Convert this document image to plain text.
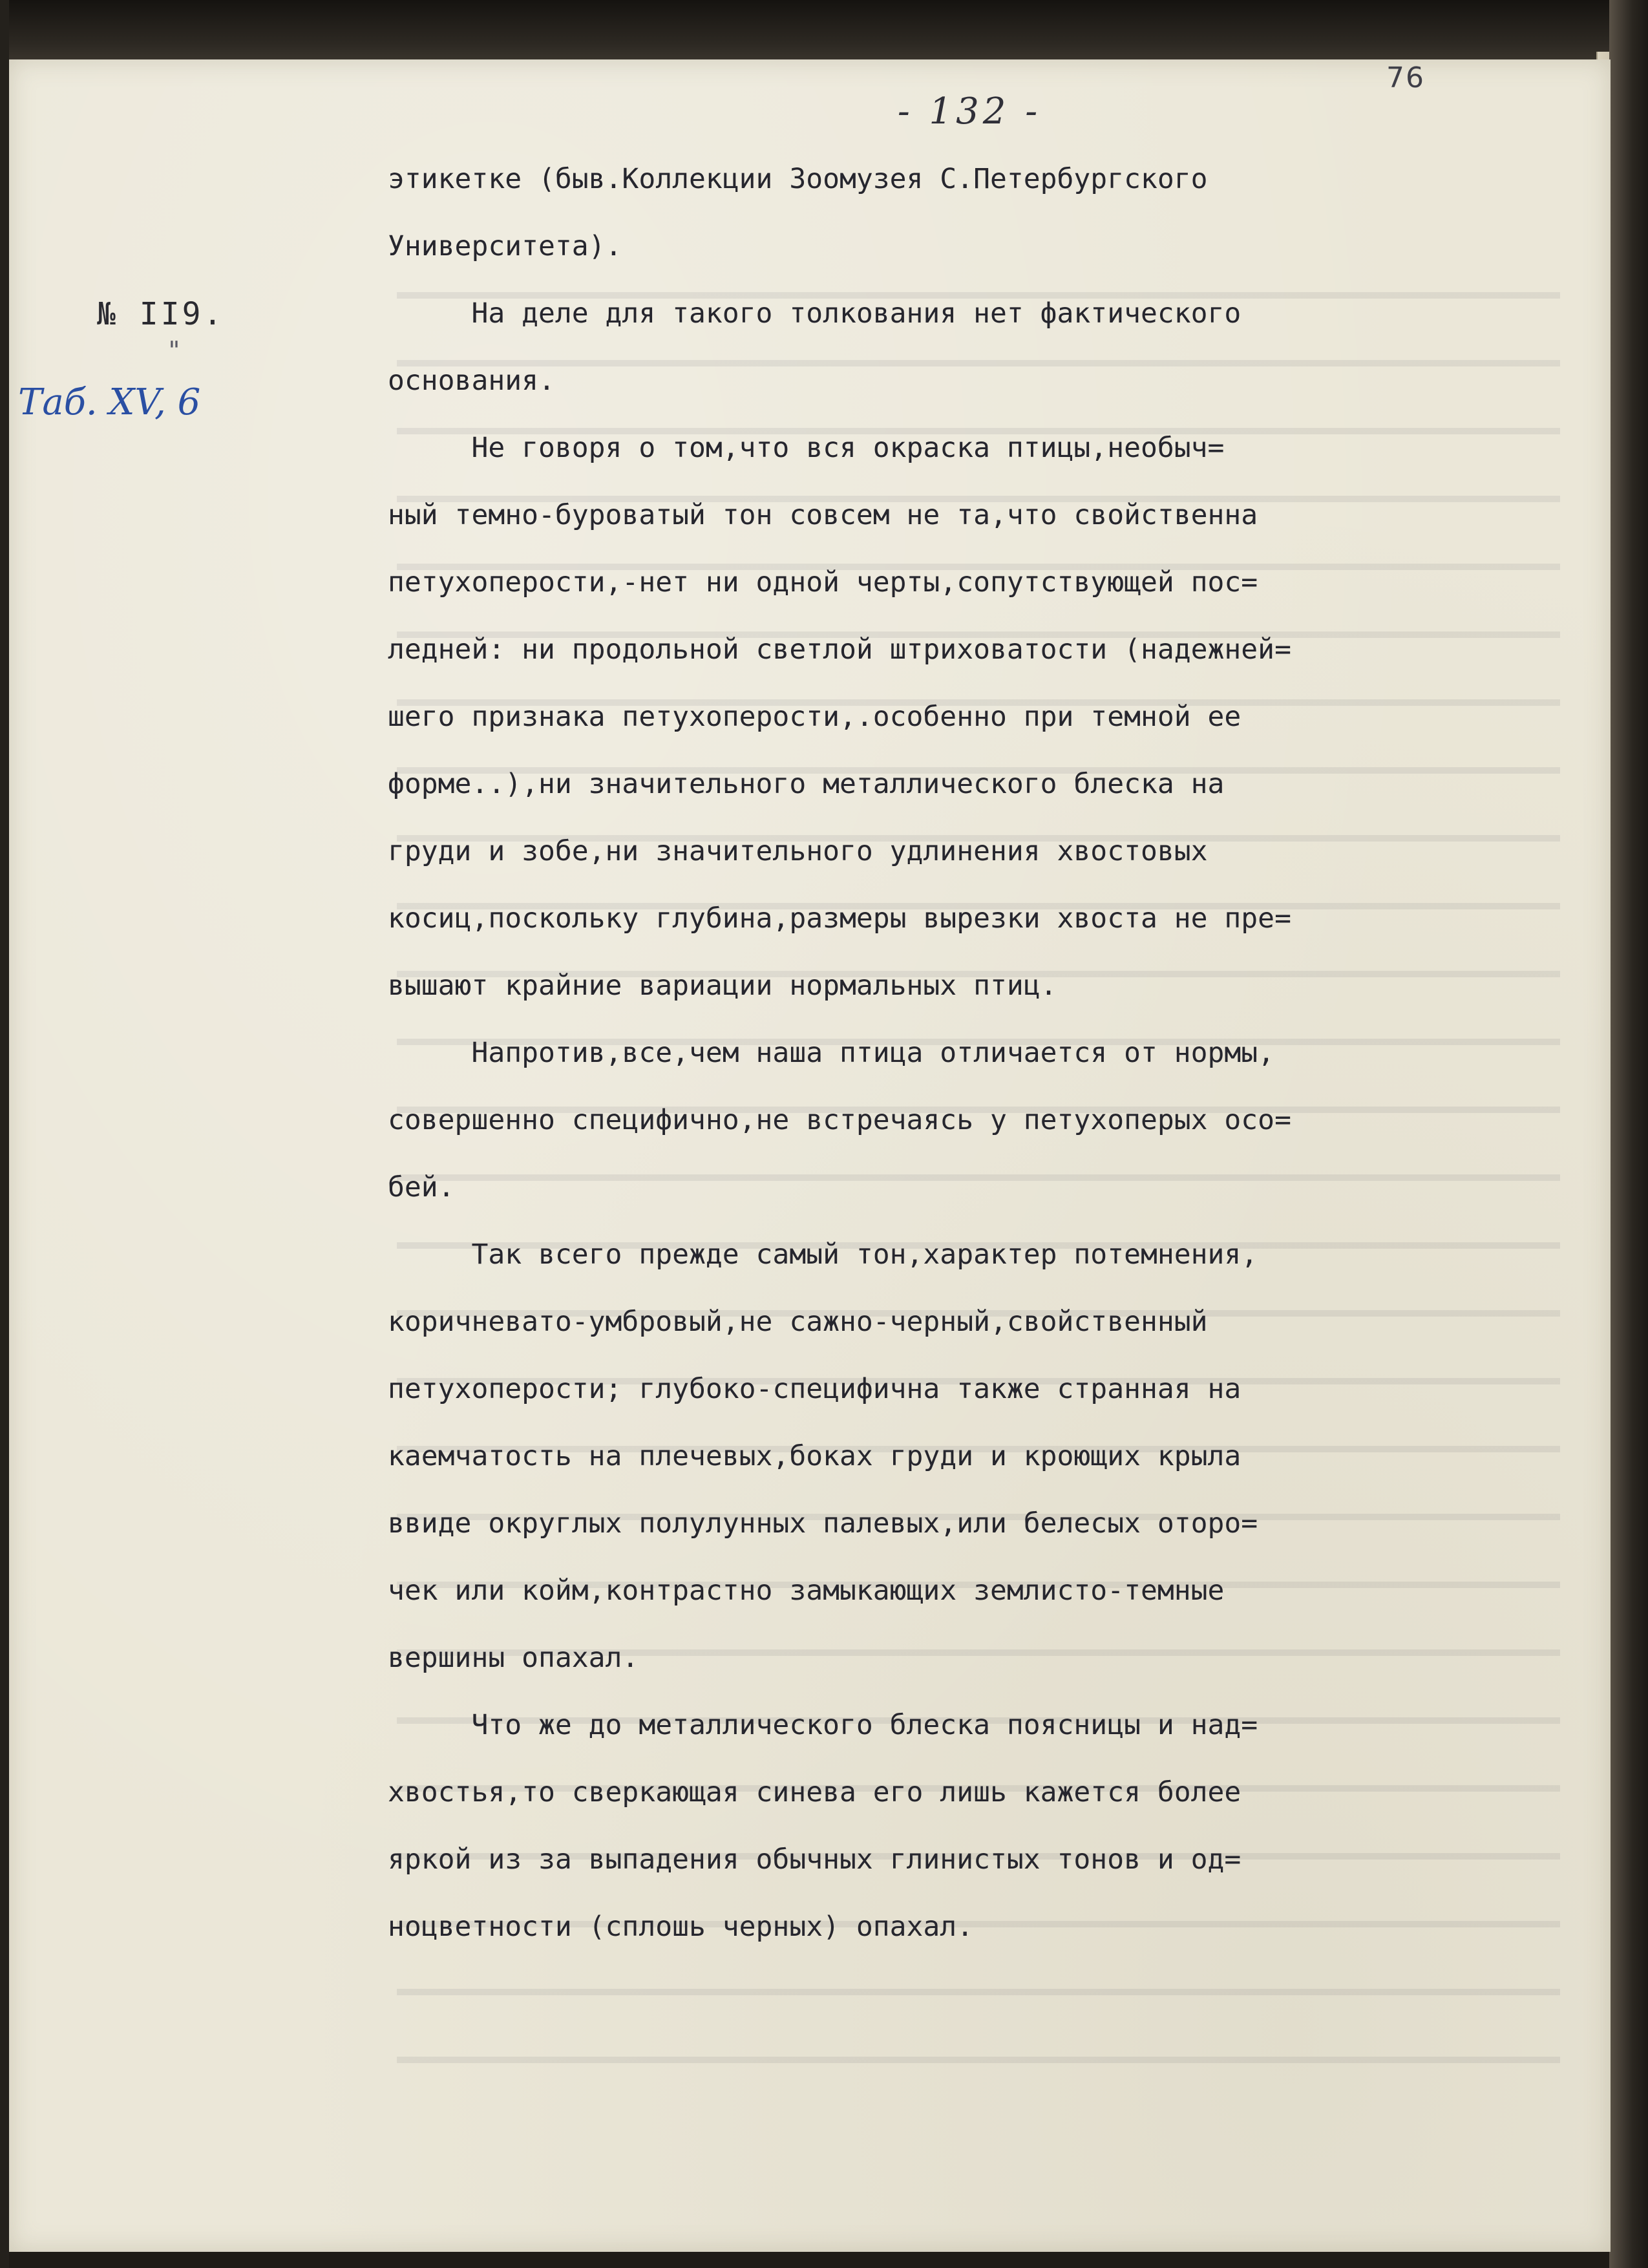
76
- 132 -
№ II9.
"
Таб. XV, 6
этикетке (быв.Коллекции Зоомузея С.Петербургского
Университета).
На деле для такого толкования нет фактического
основания.
Не говоря о том,что вся окраска птицы,необыч=
ный темно-буроватый тон совсем не та,что свойственна
петухоперости,-нет ни одной черты,сопутствующей пос=
ледней: ни продольной светлой штриховатости (надежней=
шего признака петухоперости,.особенно при темной ее
форме..),ни значительного металлического блеска на
груди и зобе,ни значительного удлинения хвостовых
косиц,поскольку глубина,размеры вырезки хвоста не пре=
вышают крайние вариации нормальных птиц.
Напротив,все,чем наша птица отличается от нормы,
совершенно специфично,не встречаясь у петухоперых осо=
бей.
Так всего прежде самый тон,характер потемнения,
коричневато-умбровый,не сажно-черный,свойственный
петухоперости; глубоко-специфична также странная на
каемчатость на плечевых,боках груди и кроющих крыла
ввиде округлых полулунных палевых,или белесых оторо=
чек или койм,контрастно замыкающих землисто-темные
вершины опахал.
Что же до металлического блеска поясницы и над=
хвостья,то сверкающая синева его лишь кажется более
яркой из за выпадения обычных глинистых тонов и од=
ноцветности (сплошь черных) опахал.
